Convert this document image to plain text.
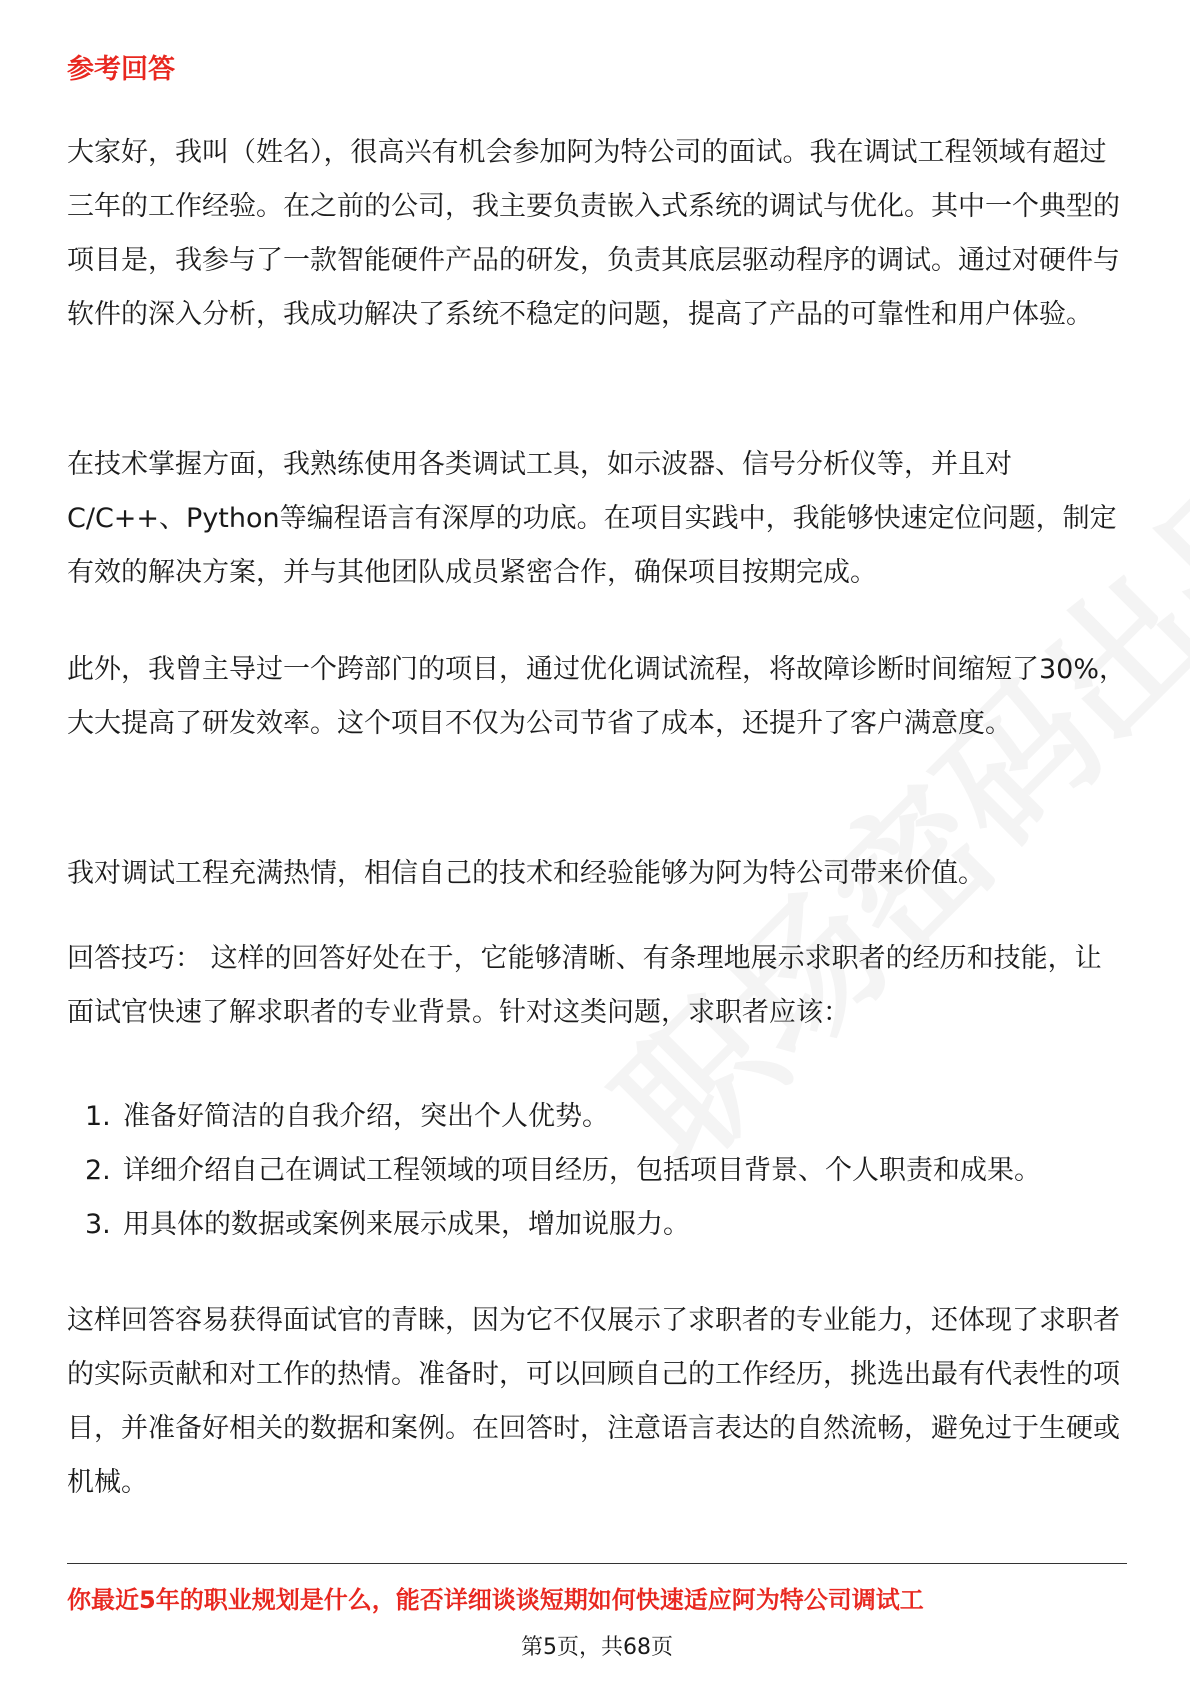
参考回答

大家好，我叫（姓名），很高兴有机会参加阿为特公司的面试。我在调试工程领域有超过三年的工作经验。在之前的公司，我主要负责嵌入式系统的调试与优化。其中一个典型的项目是，我参与了一款智能硬件产品的研发，负责其底层驱动程序的调试。通过对硬件与软件的深入分析，我成功解决了系统不稳定的问题，提高了产品的可靠性和用户体验。

在技术掌握方面，我熟练使用各类调试工具，如示波器、信号分析仪等，并且对C/C++、Python等编程语言有深厚的功底。在项目实践中，我能够快速定位问题，制定有效的解决方案，并与其他团队成员紧密合作，确保项目按期完成。

此外，我曾主导过一个跨部门的项目，通过优化调试流程，将故障诊断时间缩短了30%，大大提高了研发效率。这个项目不仅为公司节省了成本，还提升了客户满意度。

我对调试工程充满热情，相信自己的技术和经验能够为阿为特公司带来价值。

回答技巧： 这样的回答好处在于，它能够清晰、有条理地展示求职者的经历和技能，让面试官快速了解求职者的专业背景。针对这类问题，求职者应该：

1. 准备好简洁的自我介绍，突出个人优势。
2. 详细介绍自己在调试工程领域的项目经历，包括项目背景、个人职责和成果。
3. 用具体的数据或案例来展示成果，增加说服力。

这样回答容易获得面试官的青睐，因为它不仅展示了求职者的专业能力，还体现了求职者的实际贡献和对工作的热情。准备时，可以回顾自己的工作经历，挑选出最有代表性的项目，并准备好相关的数据和案例。在回答时，注意语言表达的自然流畅，避免过于生硬或机械。

你最近5年的职业规划是什么，能否详细谈谈短期如何快速适应阿为特公司调试工

第5页，共68页
